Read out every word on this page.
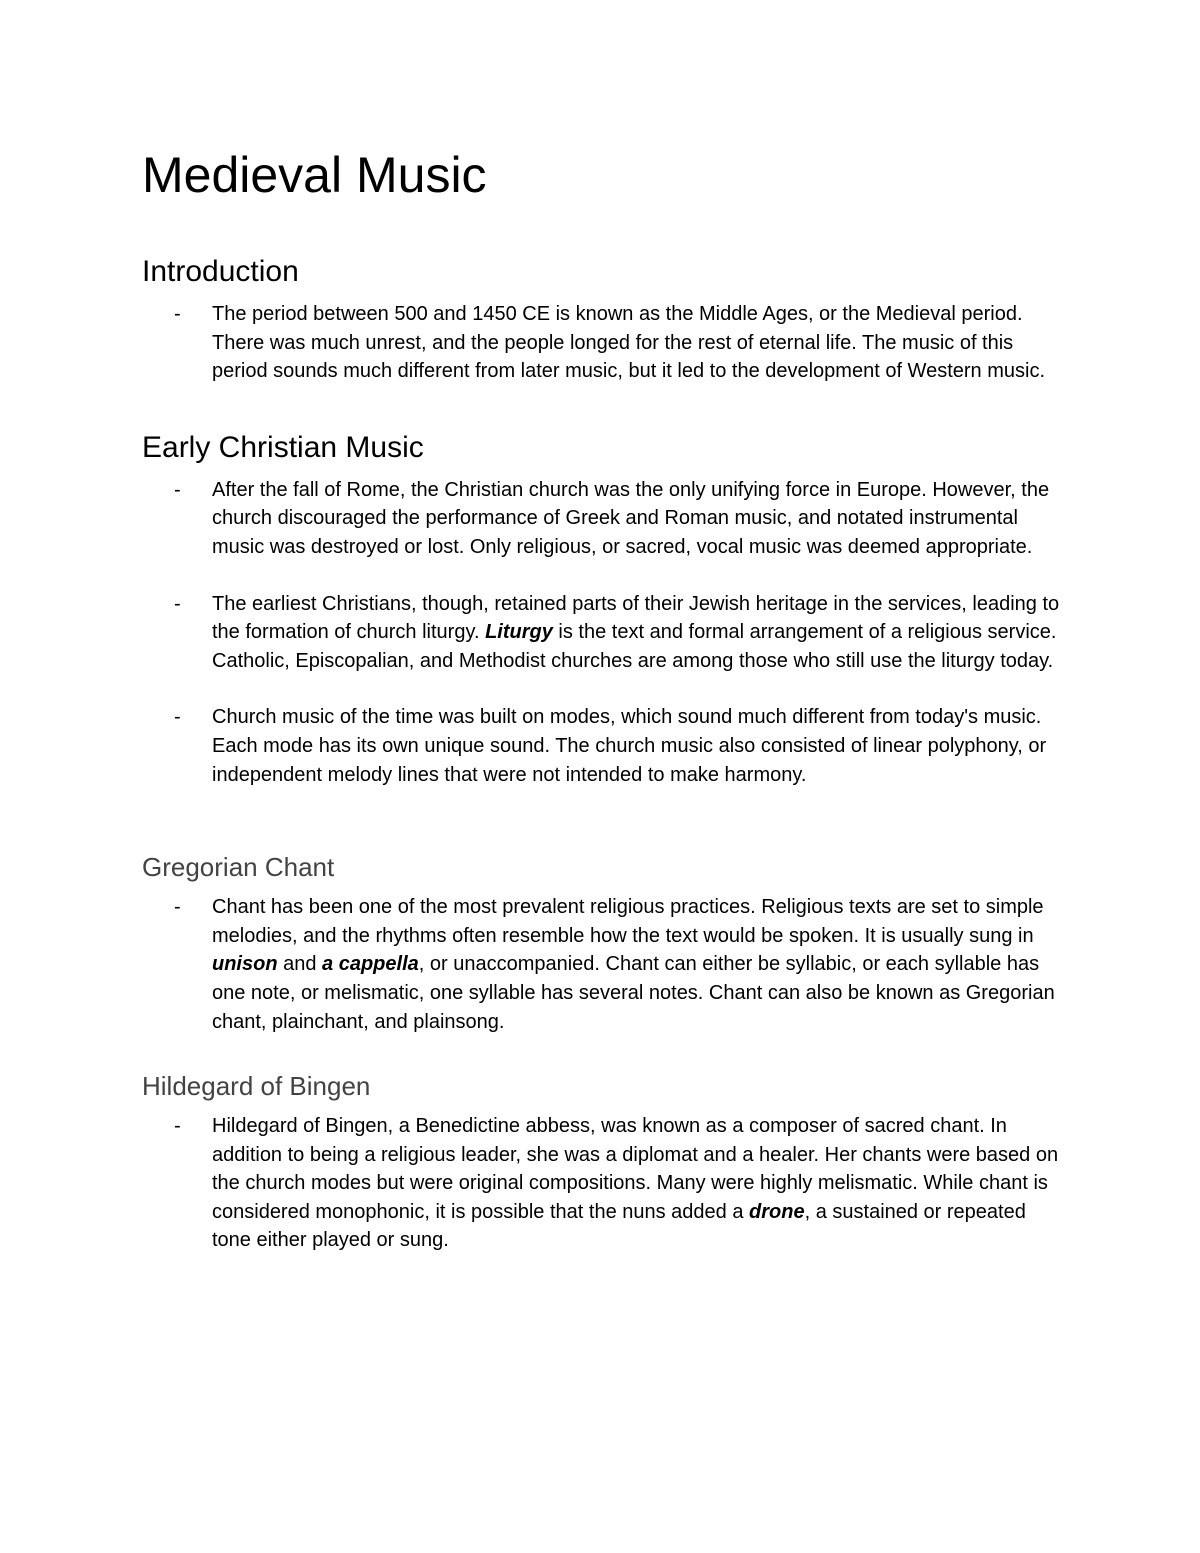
Medieval Music
Introduction
- The period between 500 and 1450 CE is known as the Middle Ages, or the Medieval period. There was much unrest, and the people longed for the rest of eternal life. The music of this period sounds much different from later music, but it led to the development of Western music.
Early Christian Music
- After the fall of Rome, the Christian church was the only unifying force in Europe. However, the church discouraged the performance of Greek and Roman music, and notated instrumental music was destroyed or lost. Only religious, or sacred, vocal music was deemed appropriate.
- The earliest Christians, though, retained parts of their Jewish heritage in the services, leading to the formation of church liturgy. Liturgy is the text and formal arrangement of a religious service. Catholic, Episcopalian, and Methodist churches are among those who still use the liturgy today.
- Church music of the time was built on modes, which sound much different from today's music. Each mode has its own unique sound. The church music also consisted of linear polyphony, or independent melody lines that were not intended to make harmony.
Gregorian Chant
- Chant has been one of the most prevalent religious practices. Religious texts are set to simple melodies, and the rhythms often resemble how the text would be spoken. It is usually sung in unison and a cappella, or unaccompanied. Chant can either be syllabic, or each syllable has one note, or melismatic, one syllable has several notes. Chant can also be known as Gregorian chant, plainchant, and plainsong.
Hildegard of Bingen
- Hildegard of Bingen, a Benedictine abbess, was known as a composer of sacred chant. In addition to being a religious leader, she was a diplomat and a healer. Her chants were based on the church modes but were original compositions. Many were highly melismatic. While chant is considered monophonic, it is possible that the nuns added a drone, a sustained or repeated tone either played or sung.
